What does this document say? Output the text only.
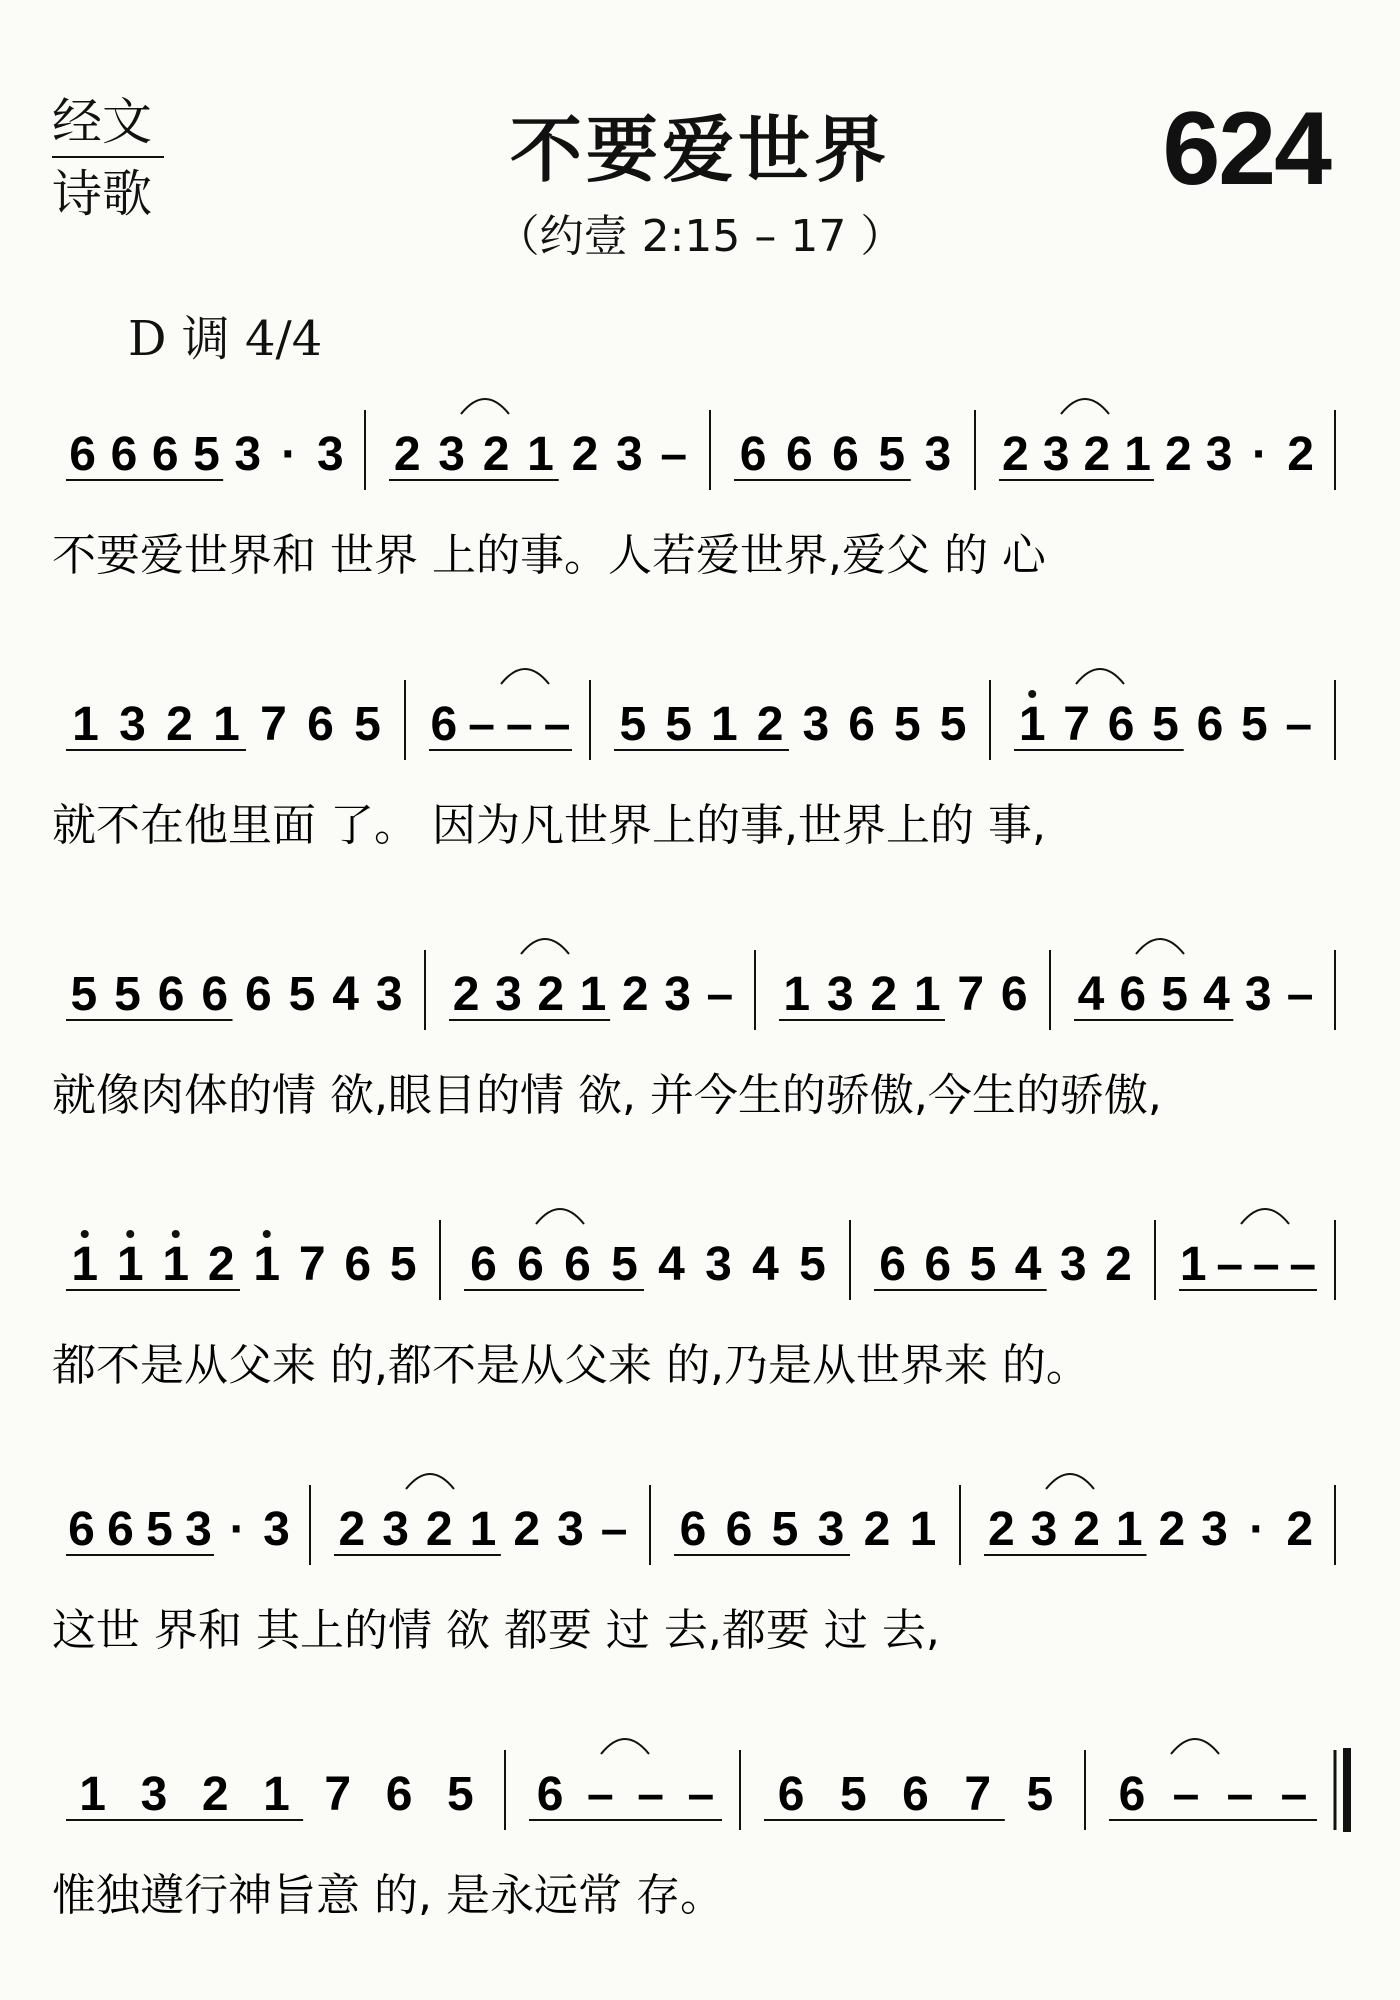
经文
诗歌
不要爱世界	624
（约壹 2:15 – 17 ）
D 调 4/4
6 6 6 5 3 · 3 2 3 2 1 2 3 – 6 6 6 5 3 2 3 2 1 2 3 · 2
不要爱世界和 世界 上的事。人若爱世界,爱父 的 心
1 3 2 1 7 6 5 6 – – – 5 5 1 2 3 6 5 5 1 7 6 5 6 5 –
就不在他里面 了。 因为凡世界上的事,世界上的 事,
5 5 6 6 6 5 4 3 2 3 2 1 2 3 – 1 3 2 1 7 6 4 6 5 4 3 –
就像肉体的情 欲,眼目的情 欲, 并今生的骄傲,今生的骄傲,
1 1 1 2 1 7 6 5 6 6 6 5 4 3 4 5 6 6 5 4 3 2 1 – – –
都不是从父来 的,都不是从父来 的,乃是从世界来 的。
6 6 5 3 · 3 2 3 2 1 2 3 – 6 6 5 3 2 1 2 3 2 1 2 3 · 2
这世 界和 其上的情 欲 都要 过 去,都要 过 去,
1 3 2 1 7 6 5 6 – – – 6 5 6 7 5 6 – – –
惟独遵行神旨意 的, 是永远常 存。
